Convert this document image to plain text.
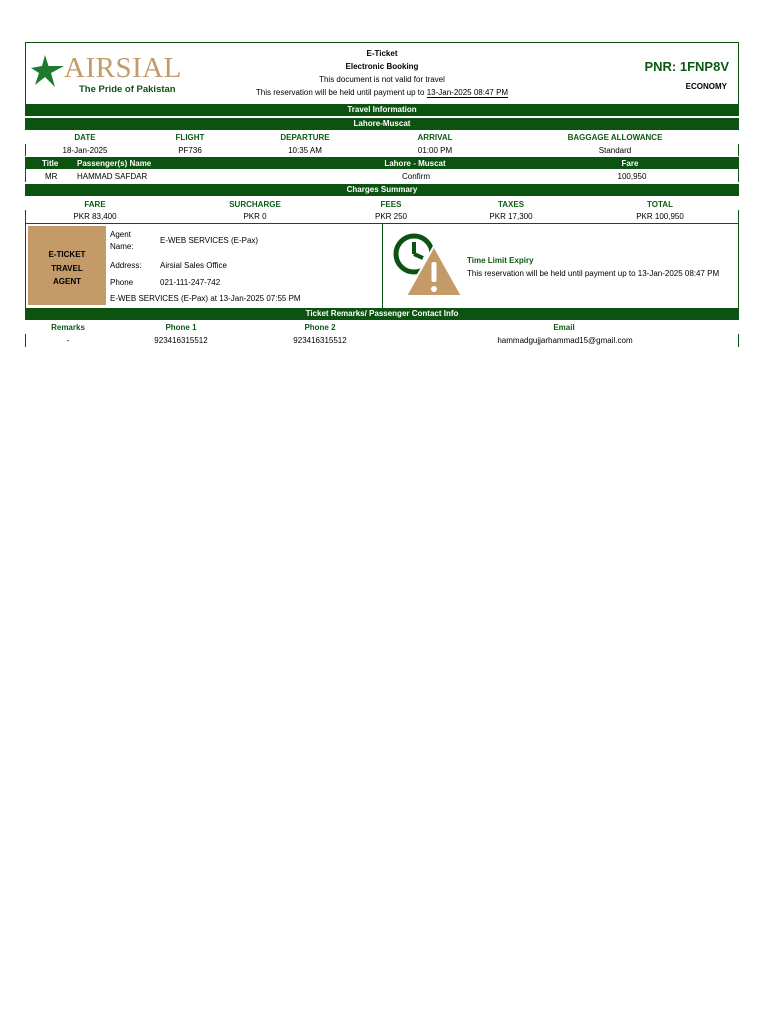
AIRSIAL
The Pride of Pakistan
E-Ticket
Electronic Booking
This document is not valid for travel
This reservation will be held until payment up to 13-Jan-2025 08:47 PM
PNR: 1FNP8V
ECONOMY
Travel Information
Lahore-Muscat
DATE	FLIGHT	DEPARTURE	ARRIVAL	BAGGAGE ALLOWANCE
18-Jan-2025	PF736	10:35 AM	01:00 PM	Standard
Title Passenger(s) Name	Lahore - Muscat	Fare
MR HAMMAD SAFDAR	Confirm	100,950
Charges Summary
FARE	SURCHARGE	FEES	TAXES	TOTAL
PKR 83,400	PKR 0	PKR 250	PKR 17,300	PKR 100,950
E-TICKET
TRAVEL
AGENT
Agent
Name:
E-WEB SERVICES (E-Pax)
Address: Airsial Sales Office
Phone	021-111-247-742
E-WEB SERVICES (E-Pax) at 13-Jan-2025 07:55 PM
Time Limit Expiry
This reservation will be held until payment up to 13-Jan-2025 08:47 PM
Ticket Remarks/ Passenger Contact Info
Remarks	Phone 1	Phone 2	Email
-	923416315512	923416315512	hammadgujjarhammad15@gmail.com
